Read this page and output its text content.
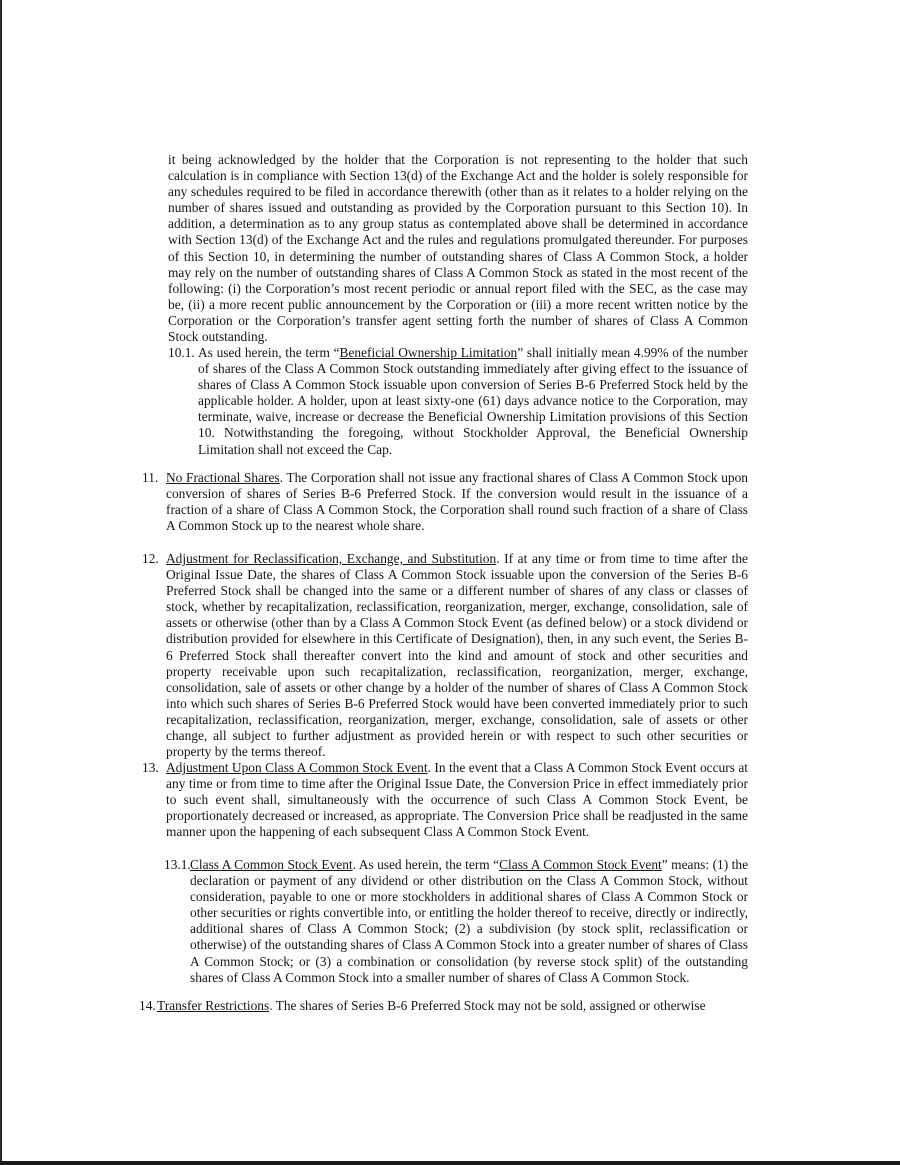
it being acknowledged by the holder that the Corporation is not representing to the holder that such calculation is in compliance with Section 13(d) of the Exchange Act and the holder is solely responsible for any schedules required to be filed in accordance therewith (other than as it relates to a holder relying on the number of shares issued and outstanding as provided by the Corporation pursuant to this Section 10). In addition, a determination as to any group status as contemplated above shall be determined in accordance with Section 13(d) of the Exchange Act and the rules and regulations promulgated thereunder. For purposes of this Section 10, in determining the number of outstanding shares of Class A Common Stock, a holder may rely on the number of outstanding shares of Class A Common Stock as stated in the most recent of the following: (i) the Corporation’s most recent periodic or annual report filed with the SEC, as the case may be, (ii) a more recent public announcement by the Corporation or (iii) a more recent written notice by the Corporation or the Corporation’s transfer agent setting forth the number of shares of Class A Common Stock outstanding.

10.1. As used herein, the term “Beneficial Ownership Limitation” shall initially mean 4.99% of the number of shares of the Class A Common Stock outstanding immediately after giving effect to the issuance of shares of Class A Common Stock issuable upon conversion of Series B-6 Preferred Stock held by the applicable holder. A holder, upon at least sixty-one (61) days advance notice to the Corporation, may terminate, waive, increase or decrease the Beneficial Ownership Limitation provisions of this Section 10. Notwithstanding the foregoing, without Stockholder Approval, the Beneficial Ownership Limitation shall not exceed the Cap.

11. No Fractional Shares. The Corporation shall not issue any fractional shares of Class A Common Stock upon conversion of shares of Series B-6 Preferred Stock. If the conversion would result in the issuance of a fraction of a share of Class A Common Stock, the Corporation shall round such fraction of a share of Class A Common Stock up to the nearest whole share.

12. Adjustment for Reclassification, Exchange, and Substitution. If at any time or from time to time after the Original Issue Date, the shares of Class A Common Stock issuable upon the conversion of the Series B-6 Preferred Stock shall be changed into the same or a different number of shares of any class or classes of stock, whether by recapitalization, reclassification, reorganization, merger, exchange, consolidation, sale of assets or otherwise (other than by a Class A Common Stock Event (as defined below) or a stock dividend or distribution provided for elsewhere in this Certificate of Designation), then, in any such event, the Series B-6 Preferred Stock shall thereafter convert into the kind and amount of stock and other securities and property receivable upon such recapitalization, reclassification, reorganization, merger, exchange, consolidation, sale of assets or other change by a holder of the number of shares of Class A Common Stock into which such shares of Series B-6 Preferred Stock would have been converted immediately prior to such recapitalization, reclassification, reorganization, merger, exchange, consolidation, sale of assets or other change, all subject to further adjustment as provided herein or with respect to such other securities or property by the terms thereof.

13. Adjustment Upon Class A Common Stock Event. In the event that a Class A Common Stock Event occurs at any time or from time to time after the Original Issue Date, the Conversion Price in effect immediately prior to such event shall, simultaneously with the occurrence of such Class A Common Stock Event, be proportionately decreased or increased, as appropriate. The Conversion Price shall be readjusted in the same manner upon the happening of each subsequent Class A Common Stock Event.

13.1. Class A Common Stock Event. As used herein, the term “Class A Common Stock Event” means: (1) the declaration or payment of any dividend or other distribution on the Class A Common Stock, without consideration, payable to one or more stockholders in additional shares of Class A Common Stock or other securities or rights convertible into, or entitling the holder thereof to receive, directly or indirectly, additional shares of Class A Common Stock; (2) a subdivision (by stock split, reclassification or otherwise) of the outstanding shares of Class A Common Stock into a greater number of shares of Class A Common Stock; or (3) a combination or consolidation (by reverse stock split) of the outstanding shares of Class A Common Stock into a smaller number of shares of Class A Common Stock.

14. Transfer Restrictions. The shares of Series B-6 Preferred Stock may not be sold, assigned or otherwise
